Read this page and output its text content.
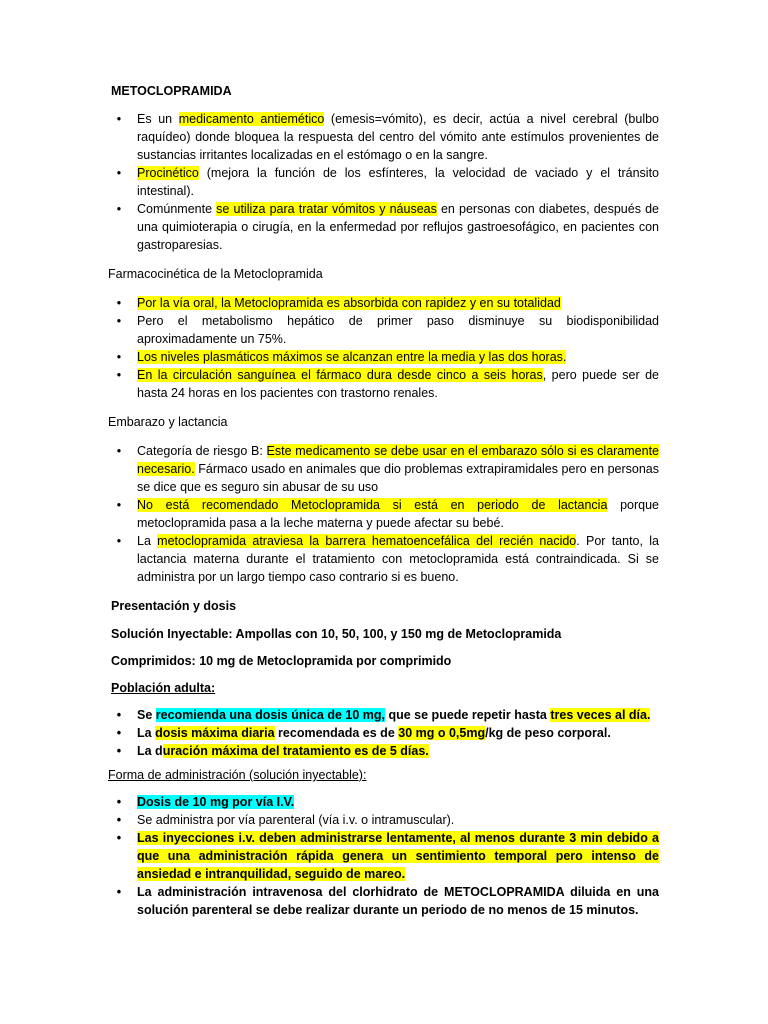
METOCLOPRAMIDA
• Es un medicamento antiemético (emesis=vómito), es decir, actúa a nivel cerebral (bulbo raquídeo) donde bloquea la respuesta del centro del vómito ante estímulos provenientes de sustancias irritantes localizadas en el estómago o en la sangre.
• Procinético (mejora la función de los esfínteres, la velocidad de vaciado y el tránsito intestinal).
• Comúnmente se utiliza para tratar vómitos y náuseas en personas con diabetes, después de una quimioterapia o cirugía, en la enfermedad por reflujos gastroesofágico, en pacientes con gastroparesias.
Farmacocinética de la Metoclopramida
• Por la vía oral, la Metoclopramida es absorbida con rapidez y en su totalidad
• Pero el metabolismo hepático de primer paso disminuye su biodisponibilidad aproximadamente un 75%.
• Los niveles plasmáticos máximos se alcanzan entre la media y las dos horas.
• En la circulación sanguínea el fármaco dura desde cinco a seis horas, pero puede ser de hasta 24 horas en los pacientes con trastorno renales.
Embarazo y lactancia
• Categoría de riesgo B: Este medicamento se debe usar en el embarazo sólo si es claramente necesario. Fármaco usado en animales que dio problemas extrapiramidales pero en personas se dice que es seguro sin abusar de su uso
• No está recomendado Metoclopramida si está en periodo de lactancia porque metoclopramida pasa a la leche materna y puede afectar su bebé.
• La metoclopramida atraviesa la barrera hematoencefálica del recién nacido. Por tanto, la lactancia materna durante el tratamiento con metoclopramida está contraindicada. Si se administra por un largo tiempo caso contrario si es bueno.
Presentación y dosis
Solución Inyectable: Ampollas con 10, 50, 100, y 150 mg de Metoclopramida
Comprimidos: 10 mg de Metoclopramida por comprimido
Población adulta:
• Se recomienda una dosis única de 10 mg, que se puede repetir hasta tres veces al día.
• La dosis máxima diaria recomendada es de 30 mg o 0,5mg/kg de peso corporal.
• La duración máxima del tratamiento es de 5 días.
Forma de administración (solución inyectable):
• Dosis de 10 mg por vía I.V.
• Se administra por vía parenteral (vía i.v. o intramuscular).
• Las inyecciones i.v. deben administrarse lentamente, al menos durante 3 min debido a que una administración rápida genera un sentimiento temporal pero intenso de ansiedad e intranquilidad, seguido de mareo.
• La administración intravenosa del clorhidrato de METOCLOPRAMIDA diluida en una solución parenteral se debe realizar durante un periodo de no menos de 15 minutos.
